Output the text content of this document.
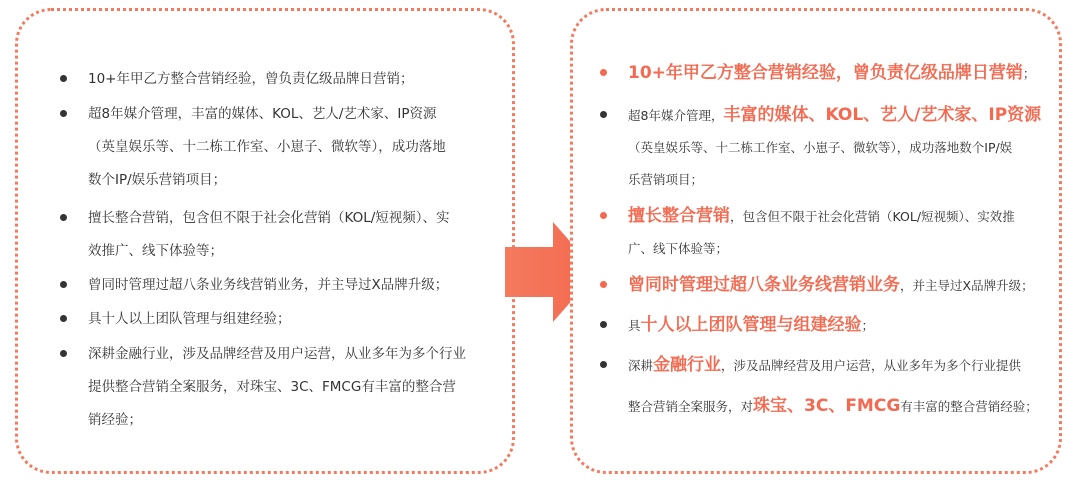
10+年甲乙方整合营销经验，曾负责亿级品牌日营销；
超8年媒介管理，丰富的媒体、KOL、艺人/艺术家、IP资源
（英皇娱乐等、十二栋工作室、小崽子、微软等），成功落地
数个IP/娱乐营销项目；
擅长整合营销，包含但不限于社会化营销（KOL/短视频）、实
效推广、线下体验等；
曾同时管理过超八条业务线营销业务，并主导过X品牌升级；
具十人以上团队管理与组建经验；
深耕金融行业，涉及品牌经营及用户运营，从业多年为多个行业
提供整合营销全案服务，对珠宝、3C、FMCG有丰富的整合营
销经验；
10+年甲乙方整合营销经验，曾负责亿级品牌日营销；
超8年媒介管理，丰富的媒体、KOL、艺人/艺术家、IP资源
（英皇娱乐等、十二栋工作室、小崽子、微软等），成功落地数个IP/娱
乐营销项目；
擅长整合营销，包含但不限于社会化营销（KOL/短视频）、实效推
广、线下体验等；
曾同时管理过超八条业务线营销业务，并主导过X品牌升级；
具十人以上团队管理与组建经验；
深耕金融行业，涉及品牌经营及用户运营，从业多年为多个行业提供
整合营销全案服务，对珠宝、3C、FMCG有丰富的整合营销经验；
